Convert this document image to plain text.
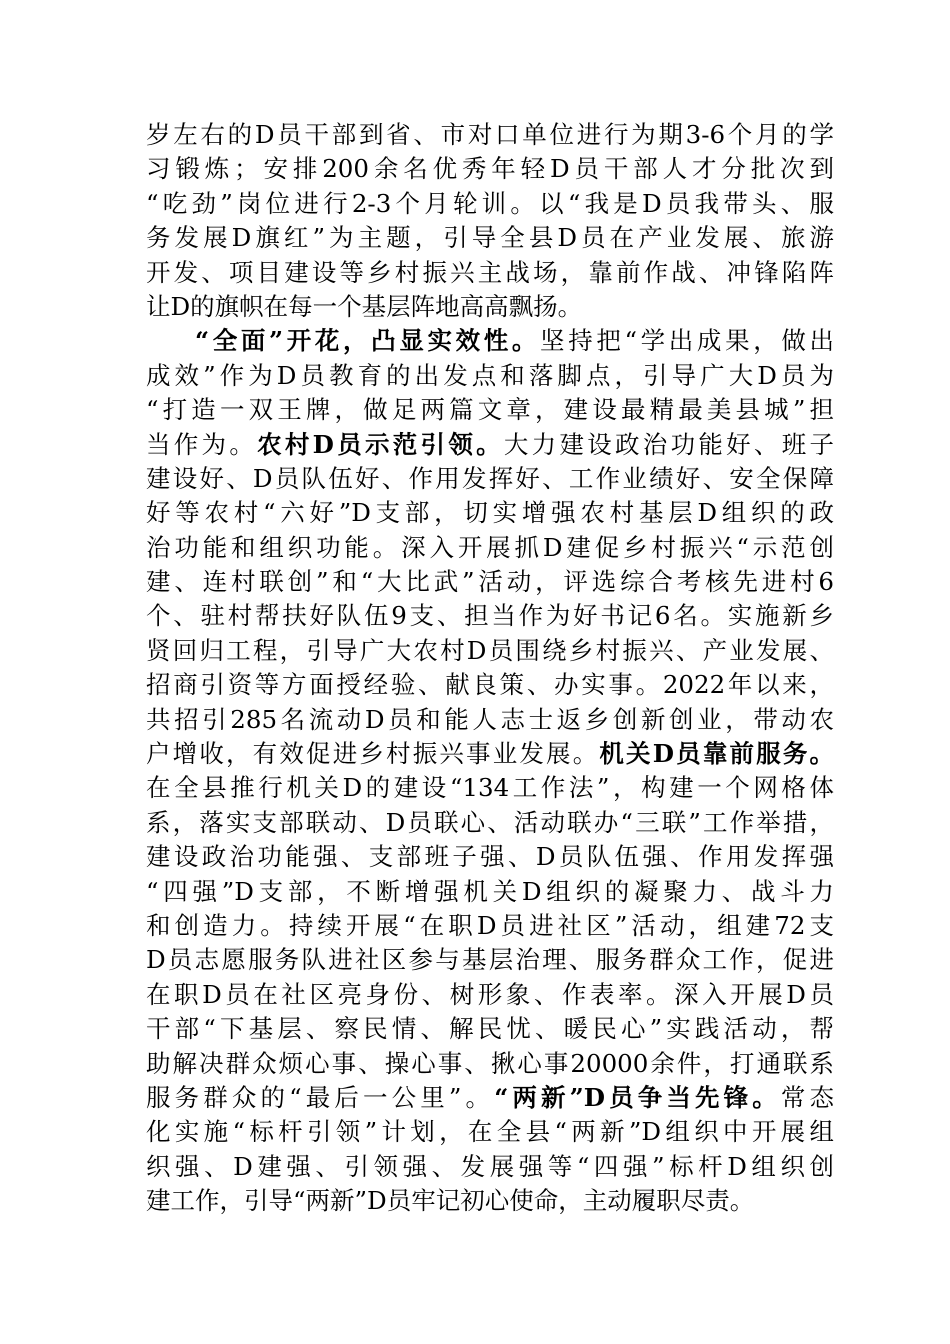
岁左右的D员干部到省、市对口单位进行为期3-6个月的学
习锻炼；安排200余名优秀年轻D员干部人才分批次到
“吃劲”岗位进行2-3个月轮训。以“我是D员我带头、服
务发展D旗红”为主题，引导全县D员在产业发展、旅游
开发、项目建设等乡村振兴主战场，靠前作战、冲锋陷阵
让D的旗帜在每一个基层阵地高高飘扬。
“全面”开花，凸显实效性。坚持把“学出成果，做出
成效”作为D员教育的出发点和落脚点，引导广大D员为
“打造一双王牌，做足两篇文章，建设最精最美县城”担
当作为。农村D员示范引领。大力建设政治功能好、班子
建设好、D员队伍好、作用发挥好、工作业绩好、安全保障
好等农村“六好”D支部，切实增强农村基层D组织的政
治功能和组织功能。深入开展抓D建促乡村振兴“示范创
建、连村联创”和“大比武”活动，评选综合考核先进村6
个、驻村帮扶好队伍9支、担当作为好书记6名。实施新乡
贤回归工程，引导广大农村D员围绕乡村振兴、产业发展、
招商引资等方面授经验、献良策、办实事。2022年以来，
共招引285名流动D员和能人志士返乡创新创业，带动农
户增收，有效促进乡村振兴事业发展。机关D员靠前服务。
在全县推行机关D的建设“134工作法”，构建一个网格体
系，落实支部联动、D员联心、活动联办“三联”工作举措，
建设政治功能强、支部班子强、D员队伍强、作用发挥强
“四强”D支部，不断增强机关D组织的凝聚力、战斗力
和创造力。持续开展“在职D员进社区”活动，组建72支
D员志愿服务队进社区参与基层治理、服务群众工作，促进
在职D员在社区亮身份、树形象、作表率。深入开展D员
干部“下基层、察民情、解民忧、暖民心”实践活动，帮
助解决群众烦心事、操心事、揪心事20000余件，打通联系
服务群众的“最后一公里”。“两新”D员争当先锋。常态
化实施“标杆引领”计划，在全县“两新”D组织中开展组
织强、D建强、引领强、发展强等“四强”标杆D组织创
建工作，引导“两新”D员牢记初心使命，主动履职尽责。
